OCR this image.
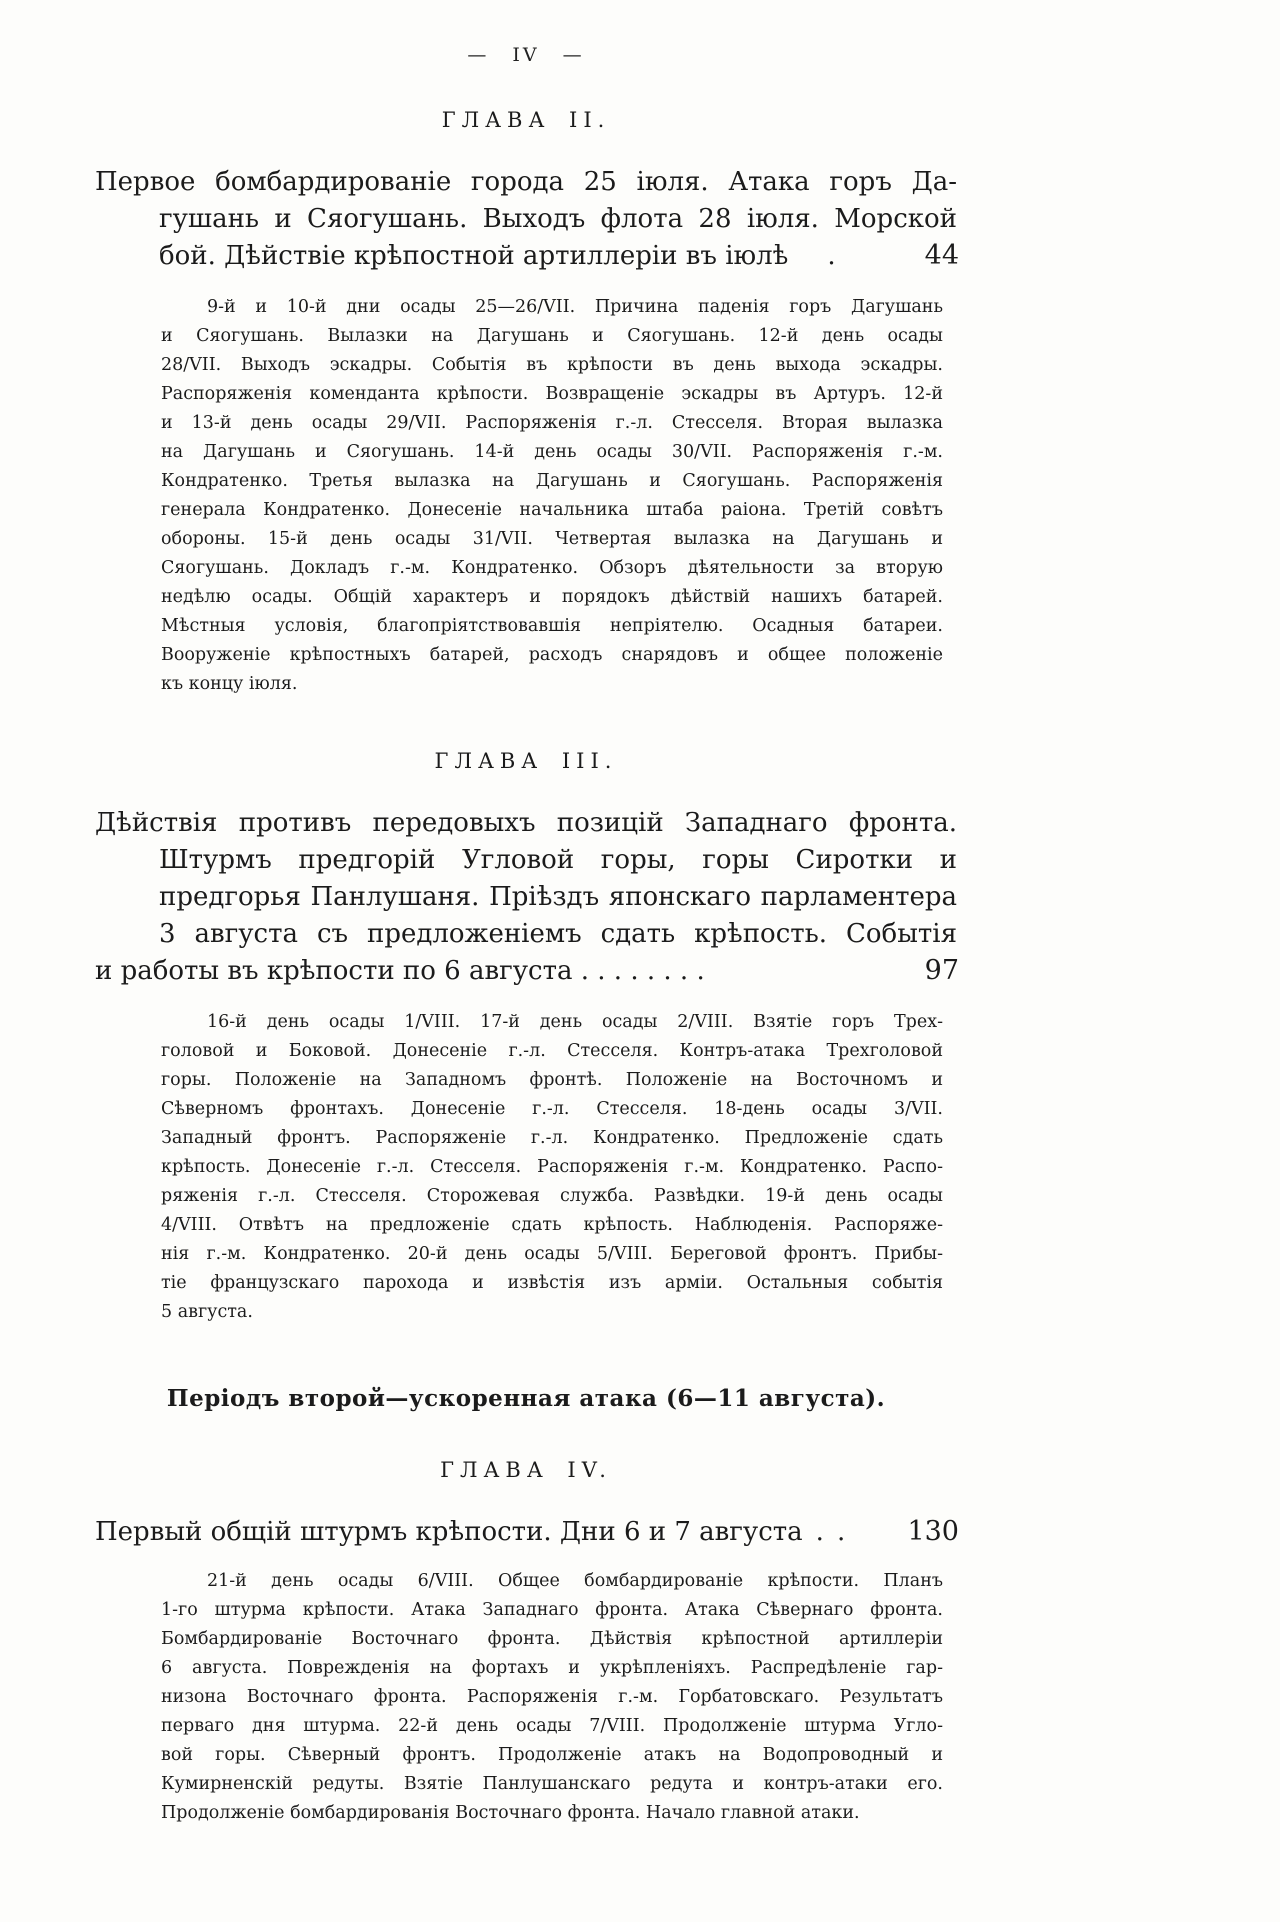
— IV —
ГЛАВА II.
Первое бомбардированіе города 25 іюля. Атака горъ Да-
гушань и Сяогушань. Выходъ флота 28 іюля. Морской
бой. Дѣйствіе крѣпостной артиллеріи въ іюлѣ  .	44
9-й и 10-й дни осады 25—26/VII. Причина паденія горъ Дагушань
и Сяогушань. Вылазки на Дагушань и Сяогушань. 12-й день осады
28/VII. Выходъ эскадры. Событія въ крѣпости въ день выхода эскадры.
Распоряженія коменданта крѣпости. Возвращеніе эскадры въ Артуръ. 12-й
и 13-й день осады 29/VII. Распоряженія г.-л. Стесселя. Вторая вылазка
на Дагушань и Сяогушань. 14-й день осады 30/VII. Распоряженія г.-м.
Кондратенко. Третья вылазка на Дагушань и Сяогушань. Распоряженія
генерала Кондратенко. Донесеніе начальника штаба раіона. Третій совѣтъ
обороны. 15-й день осады 31/VII. Четвертая вылазка на Дагушань и
Сяогушань. Докладъ г.-м. Кондратенко. Обзоръ дѣятельности за вторую
недѣлю осады. Общій характеръ и порядокъ дѣйствій нашихъ батарей.
Мѣстныя условія, благопріятствовавшія непріятелю. Осадныя батареи.
Вооруженіе крѣпостныхъ батарей, расходъ снарядовъ и общее положеніе
къ концу іюля.
ГЛАВА III.
Дѣйствія противъ передовыхъ позицій Западнаго фронта.
Штурмъ предгорій Угловой горы, горы Сиротки и
предгорья Панлушаня. Пріѣздъ японскаго парламентера
3 августа съ предложеніемъ сдать крѣпость. Событія
и работы въ крѣпости по 6 августа . . . . . . . .	97
16-й день осады 1/VIII. 17-й день осады 2/VIII. Взятіе горъ Трех-
головой и Боковой. Донесеніе г.-л. Стесселя. Контръ-атака Трехголовой
горы. Положеніе на Западномъ фронтѣ. Положеніе на Восточномъ и
Сѣверномъ фронтахъ. Донесеніе г.-л. Стесселя. 18-день осады 3/VII.
Западный фронтъ. Распоряженіе г.-л. Кондратенко. Предложеніе сдать
крѣпость. Донесеніе г.-л. Стесселя. Распоряженія г.-м. Кондратенко. Распо-
ряженія г.-л. Стесселя. Сторожевая служба. Развѣдки. 19-й день осады
4/VIII. Отвѣтъ на предложеніе сдать крѣпость. Наблюденія. Распоряже-
нія г.-м. Кондратенко. 20-й день осады 5/VIII. Береговой фронтъ. Прибы-
тіе французскаго парохода и извѣстія изъ арміи. Остальныя событія
5 августа.
Періодъ второй—ускоренная атака (6—11 августа).
ГЛАВА IV.
Первый общій штурмъ крѣпости. Дни 6 и 7 августа . .	130
21-й день осады 6/VIII. Общее бомбардированіе крѣпости. Планъ
1-го штурма крѣпости. Атака Западнаго фронта. Атака Сѣвернаго фронта.
Бомбардированіе Восточнаго фронта. Дѣйствія крѣпостной артиллеріи
6 августа. Поврежденія на фортахъ и укрѣпленіяхъ. Распредѣленіе гар-
низона Восточнаго фронта. Распоряженія г.-м. Горбатовскаго. Результатъ
перваго дня штурма. 22-й день осады 7/VIII. Продолженіе штурма Угло-
вой горы. Сѣверный фронтъ. Продолженіе атакъ на Водопроводный и
Кумирненскій редуты. Взятіе Панлушанскаго редута и контръ-атаки его.
Продолженіе бомбардированія Восточнаго фронта. Начало главной атаки.
